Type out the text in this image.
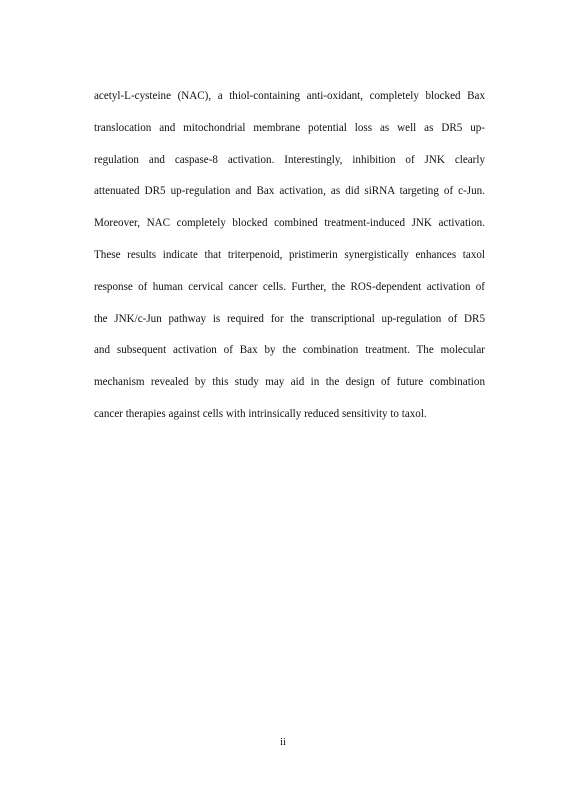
acetyl-L-cysteine (NAC), a thiol-containing anti-oxidant, completely blocked Bax
translocation and mitochondrial membrane potential loss as well as DR5 up-
regulation and caspase-8 activation. Interestingly, inhibition of JNK clearly
attenuated DR5 up-regulation and Bax activation, as did siRNA targeting of c-Jun.
Moreover, NAC completely blocked combined treatment-induced JNK activation.
These results indicate that triterpenoid, pristimerin synergistically enhances taxol
response of human cervical cancer cells. Further, the ROS-dependent activation of
the JNK/c-Jun pathway is required for the transcriptional up-regulation of DR5
and subsequent activation of Bax by the combination treatment. The molecular
mechanism revealed by this study may aid in the design of future combination
cancer therapies against cells with intrinsically reduced sensitivity to taxol.
ii
